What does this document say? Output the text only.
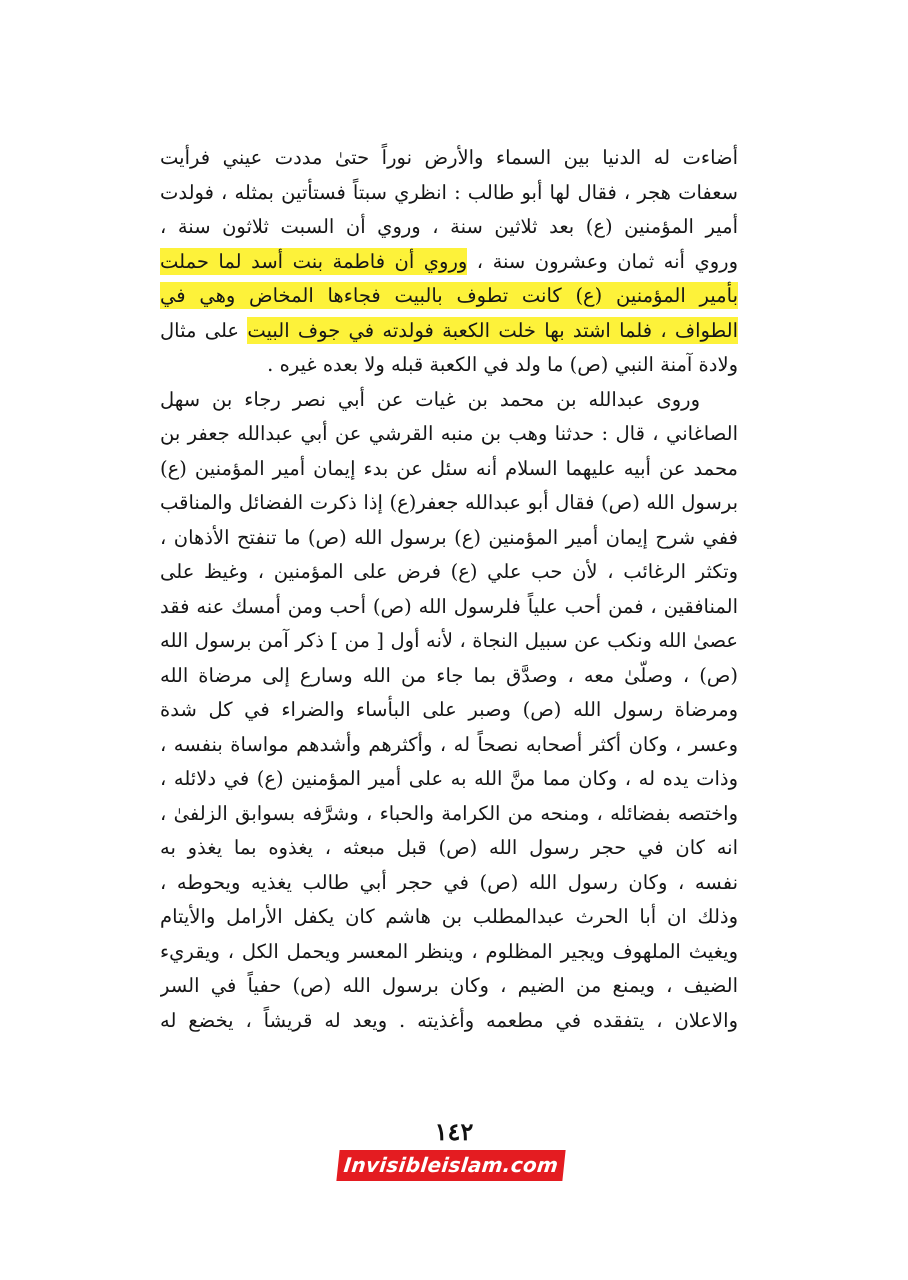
أضاءت له الدنيا بين السماء والأرض نوراً حتىٰ مددت عيني فرأيت
سعفات هجر ، فقال لها أبو طالب : انظري سبتاً فستأتين بمثله ، فولدت
أمير المؤمنين (ع) بعد ثلاثين سنة ، وروي أن السبت ثلاثون سنة ،
وروي أنه ثمان وعشرون سنة ، وروي أن فاطمة بنت أسد لما حملت
بأمير المؤمنين (ع) كانت تطوف بالبيت فجاءها المخاض وهي في
الطواف ، فلما اشتد بها خلت الكعبة فولدته في جوف البيت على مثال
ولادة آمنة النبي (ص) ما ولد في الكعبة قبله ولا بعده غيره .
وروى عبدالله بن محمد بن غيات عن أبي نصر رجاء بن سهل
الصاغاني ، قال : حدثنا وهب بن منبه القرشي عن أبي عبدالله جعفر بن
محمد عن أبيه عليهما السلام أنه سئل عن بدء إيمان أمير المؤمنين (ع)
برسول الله (ص) فقال أبو عبدالله جعفر(ع) إذا ذكرت الفضائل والمناقب
ففي شرح إيمان أمير المؤمنين (ع) برسول الله (ص) ما تنفتح الأذهان ،
وتكثر الرغائب ، لأن حب علي (ع) فرض على المؤمنين ، وغيظ على
المنافقين ، فمن أحب علياً فلرسول الله (ص) أحب ومن أمسك عنه فقد
عصىٰ الله ونكب عن سبيل النجاة ، لأنه أول [ من ] ذكر آمن برسول الله
(ص) ، وصلّىٰ معه ، وصدَّق بما جاء من الله وسارع إلى مرضاة الله
ومرضاة رسول الله (ص) وصبر على البأساء والضراء في كل شدة
وعسر ، وكان أكثر أصحابه نصحاً له ، وأكثرهم وأشدهم مواساة بنفسه ،
وذات يده له ، وكان مما منَّ الله به على أمير المؤمنين (ع) في دلائله ،
واختصه بفضائله ، ومنحه من الكرامة والحباء ، وشرَّفه بسوابق الزلفىٰ ،
انه كان في حجر رسول الله (ص) قبل مبعثه ، يغذوه بما يغذو به
نفسه ، وكان رسول الله (ص) في حجر أبي طالب يغذيه ويحوطه ،
وذلك ان أبا الحرث عبدالمطلب بن هاشم كان يكفل الأرامل والأيتام
ويغيث الملهوف ويجير المظلوم ، وينظر المعسر ويحمل الكل ، ويقريء
الضيف ، ويمنع من الضيم ، وكان برسول الله (ص) حفياً في السر
والاعلان ، يتفقده في مطعمه وأغذيته . ويعد له قريشاً ، يخضع له
١٤٢
Invisibleislam.com
